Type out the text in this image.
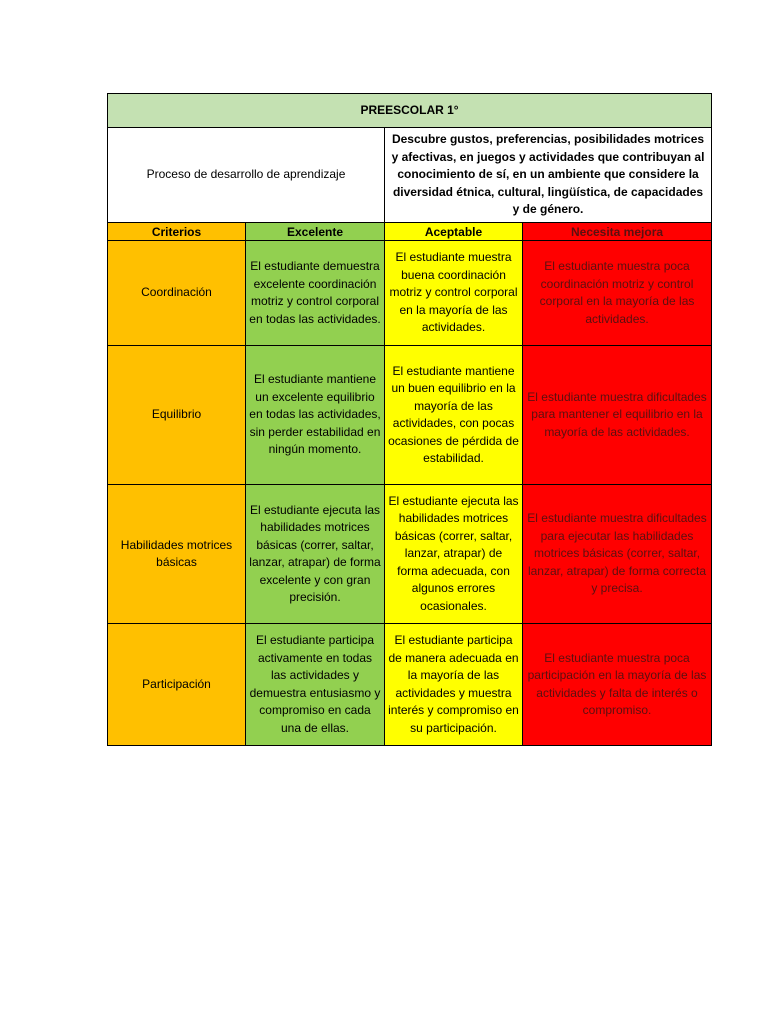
PREESCOLAR 1°			
Proceso de desarrollo de aprendizaje		Descubre gustos, preferencias, posibilidades motrices y afectivas, en juegos y actividades que contribuyan al conocimiento de sí, en un ambiente que considere la diversidad étnica, cultural, lingüística, de capacidades y de género.	
Criterios	Excelente	Aceptable	Necesita mejora
Coordinación	El estudiante demuestra excelente coordinación motriz y control corporal en todas las actividades.	El estudiante muestra buena coordinación motriz y control corporal en la mayoría de las actividades.	El estudiante muestra poca coordinación motriz y control corporal en la mayoría de las actividades.
Equilibrio	El estudiante mantiene un excelente equilibrio en todas las actividades, sin perder estabilidad en ningún momento.	El estudiante mantiene un buen equilibrio en la mayoría de las actividades, con pocas ocasiones de pérdida de estabilidad.	El estudiante muestra dificultades para mantener el equilibrio en la mayoría de las actividades.
Habilidades motrices básicas	El estudiante ejecuta las habilidades motrices básicas (correr, saltar, lanzar, atrapar) de forma excelente y con gran precisión.	El estudiante ejecuta las habilidades motrices básicas (correr, saltar, lanzar, atrapar) de forma adecuada, con algunos errores ocasionales.	El estudiante muestra dificultades para ejecutar las habilidades motrices básicas (correr, saltar, lanzar, atrapar) de forma correcta y precisa.
Participación	El estudiante participa activamente en todas las actividades y demuestra entusiasmo y compromiso en cada una de ellas.	El estudiante participa de manera adecuada en la mayoría de las actividades y muestra interés y compromiso en su participación.	El estudiante muestra poca participación en la mayoría de las actividades y falta de interés o compromiso.
